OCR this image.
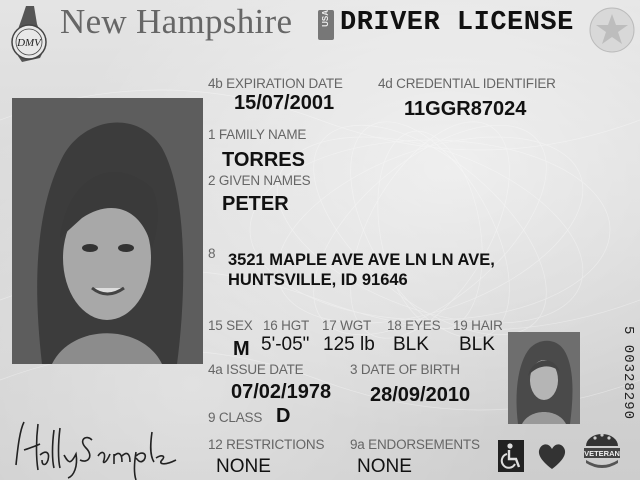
DMV
New Hampshire	USA DRIVER LICENSE
4b EXPIRATION DATE
15/07/2001
4d CREDENTIAL IDENTIFIER
11GGR87024
1 FAMILY NAME
TORRES
2 GIVEN NAMES
PETER
8 3521 MAPLE AVE AVE LN LN AVE,
HUNTSVILLE, ID 91646
15 SEX
M
16 HGT
5'-05"
17 WGT
125 lb
18 EYES
BLK
19 HAIR
BLK
4a ISSUE DATE
07/02/1978
3 DATE OF BIRTH
28/09/2010
9 CLASS D
12 RESTRICTIONS
NONE
9a ENDORSEMENTS
NONE
5 00328290
VETERAN
